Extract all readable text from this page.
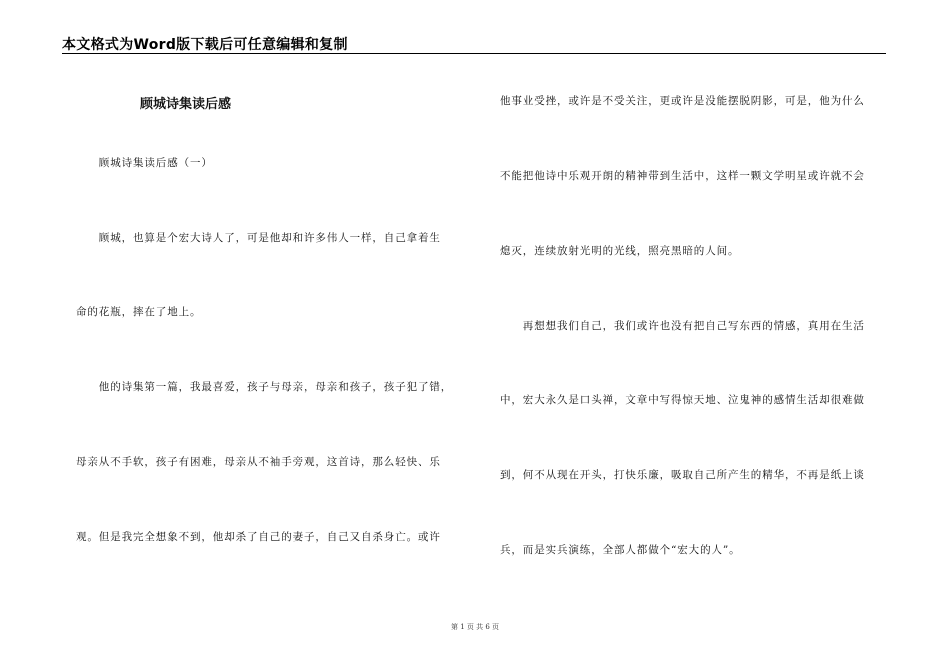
本文格式为Word版下载后可任意编辑和复制
顾城诗集读后感
　　顾城诗集读后感（一）
　　顾城，也算是个宏大诗人了，可是他却和许多伟人一样，自己拿着生
命的花瓶，摔在了地上。
　　他的诗集第一篇，我最喜爱，孩子与母亲，母亲和孩子，孩子犯了错，
母亲从不手软，孩子有困难，母亲从不袖手旁观，这首诗，那么轻快、乐
观。但是我完全想象不到，他却杀了自己的妻子，自己又自杀身亡。或许
他事业受挫，或许是不受关注，更或许是没能摆脱阴影，可是，他为什么
不能把他诗中乐观开朗的精神带到生活中，这样一颗文学明星或许就不会
熄灭，连续放射光明的光线，照亮黑暗的人间。
　　再想想我们自己，我们或许也没有把自己写东西的情感，真用在生活
中，宏大永久是口头禅，文章中写得惊天地、泣鬼神的感情生活却很难做
到，何不从现在开头，打快乐廉，吸取自己所产生的精华，不再是纸上谈
兵，而是实兵演练，全部人都做个“宏大的人”。
第 1 页 共 6 页
